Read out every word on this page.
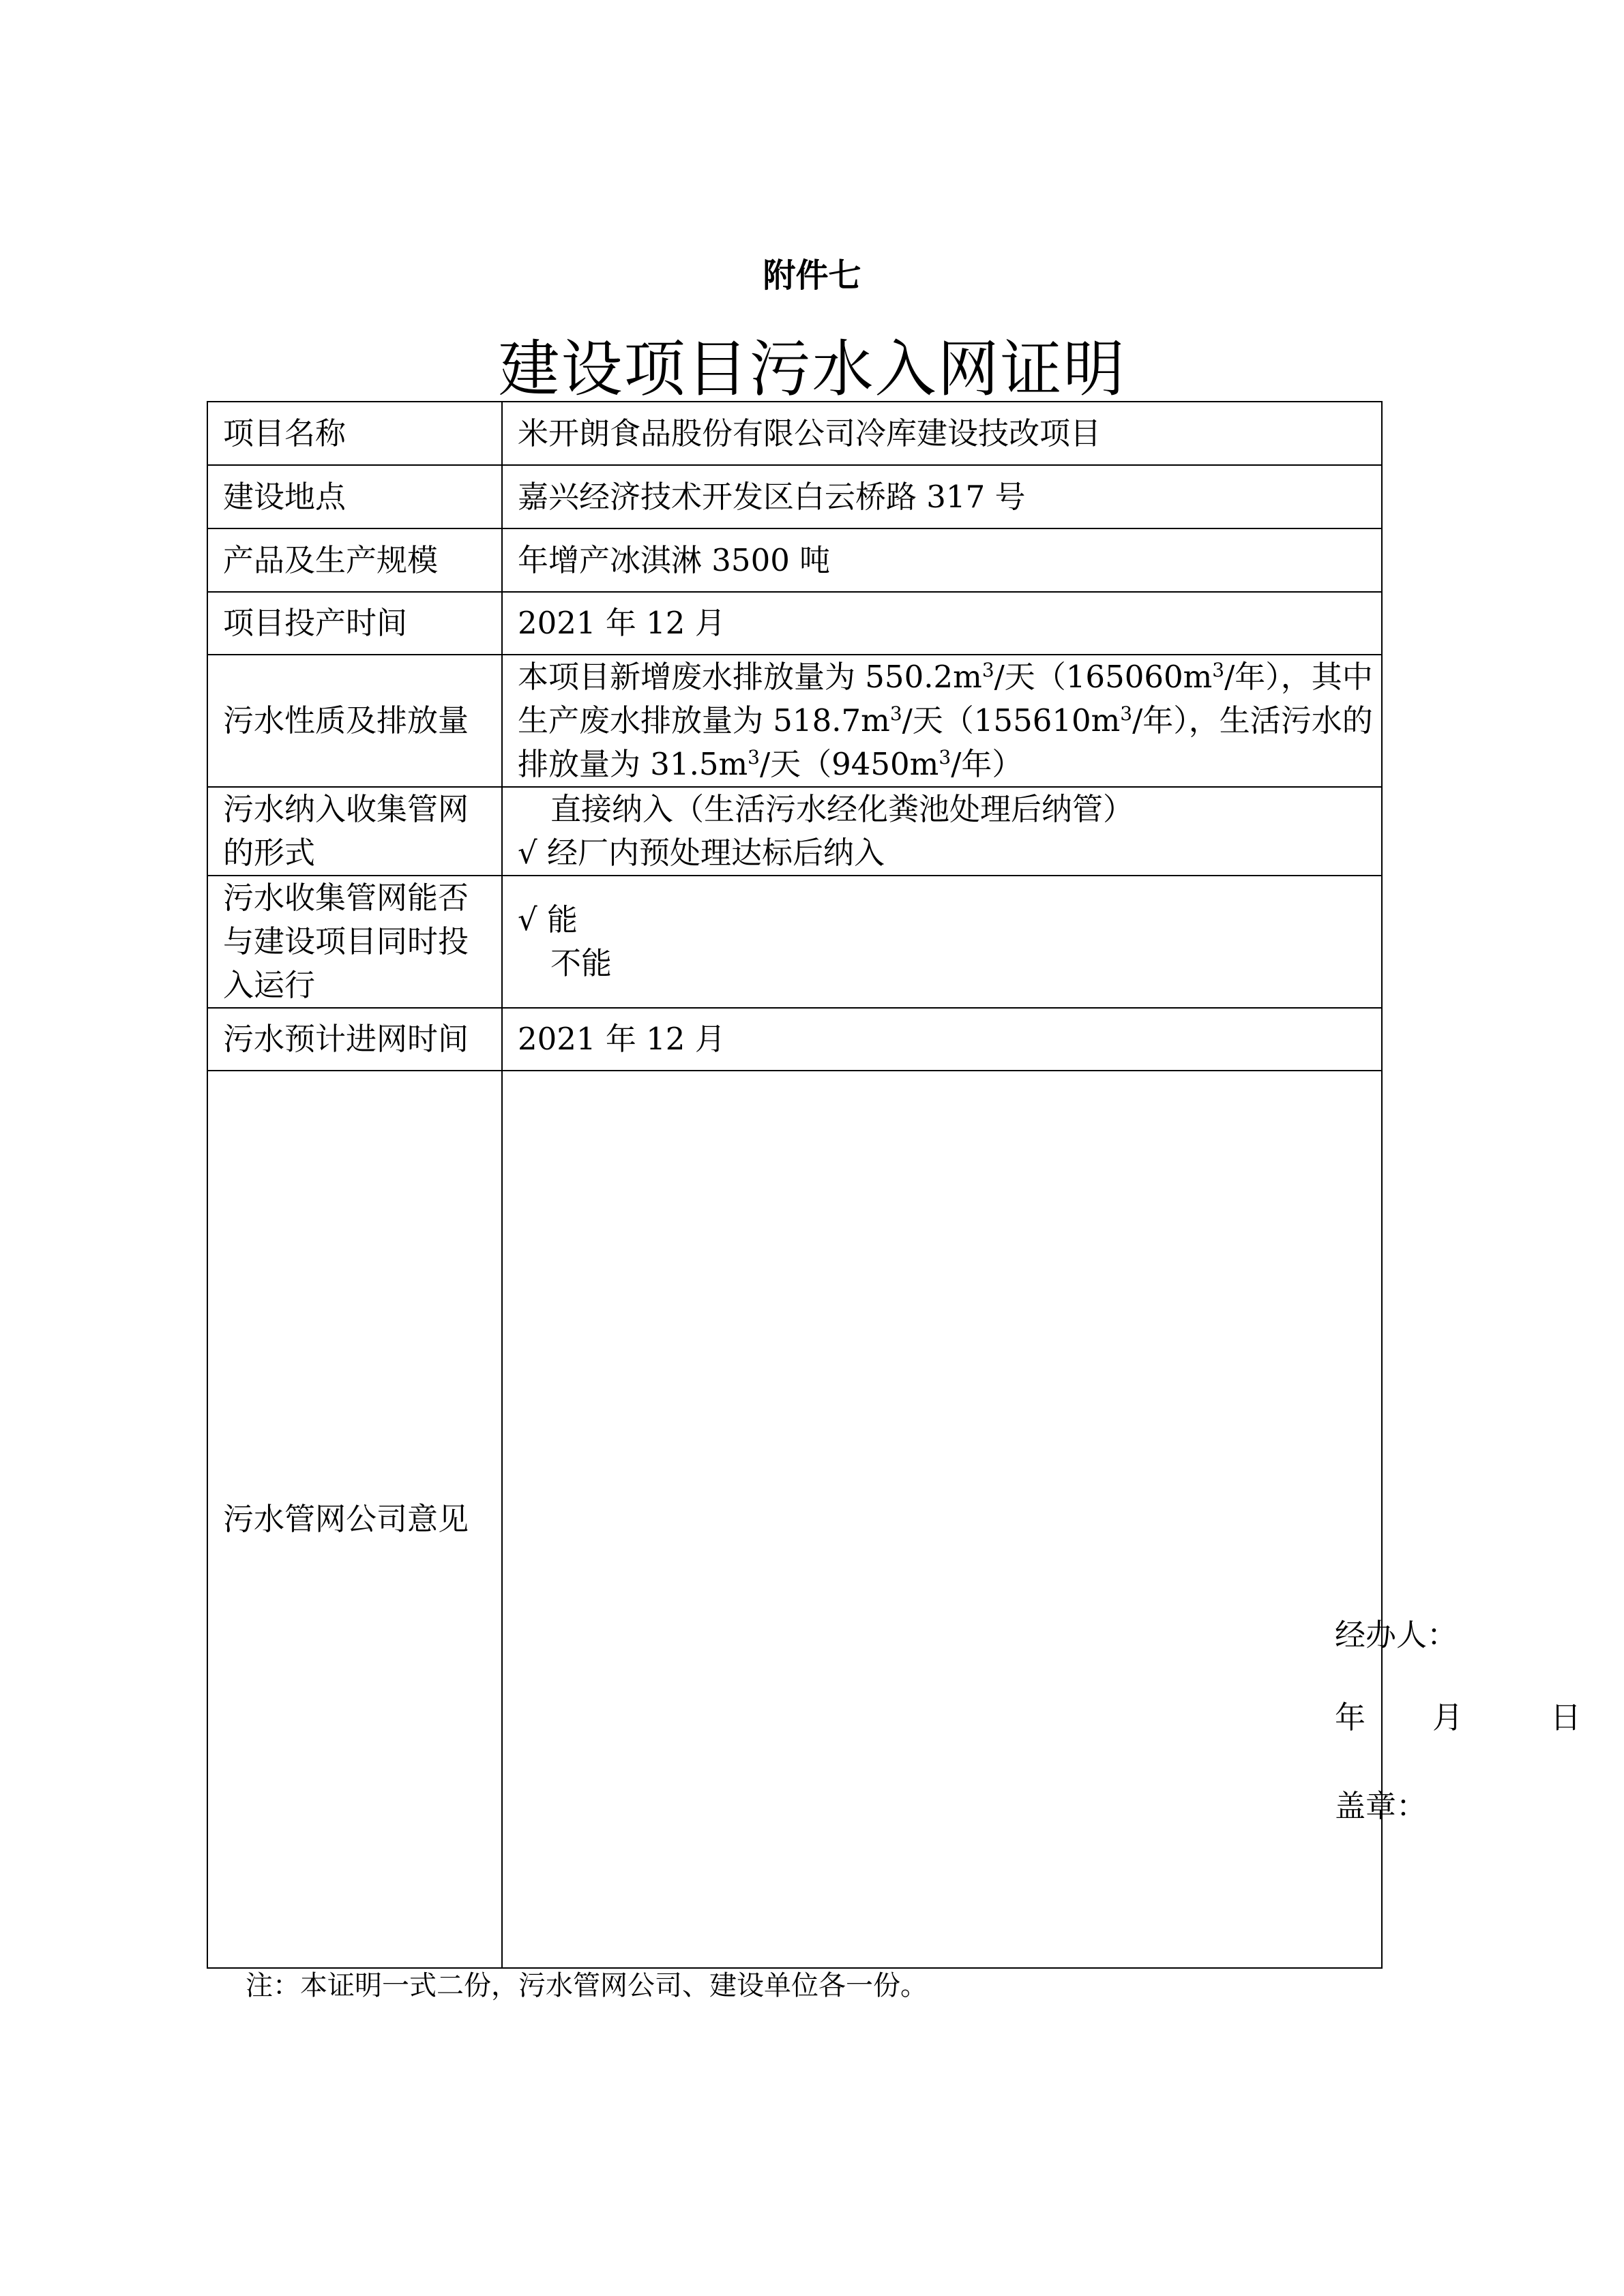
附件七
建设项目污水入网证明
项目名称	米开朗食品股份有限公司冷库建设技改项目
建设地点	嘉兴经济技术开发区白云桥路 317 号
产品及生产规模	年增产冰淇淋 3500 吨
项目投产时间	2021 年 12 月
污水性质及排放量	本项目新增废水排放量为 $550.2m^3/$天（$165060m^3/$年），其中
生产废水排放量为 $518.7m^3/$天（$155610m^3/$年），生活污水的
排放量为 $31.5m^3/$天（$9450m^3/$年）

污水纳入收集管网
的形式	直接纳入（生活污水经化粪池处理后纳管）
√ 经厂内预处理达标后纳入

污水收集管网能否
与建设项目同时投
入运行	√ 能
不能

污水预计进网时间	2021 年 12 月
污水管网公司意见	经办人：
年 月 日
盖章：
注：本证明一式二份，污水管网公司、建设单位各一份。
